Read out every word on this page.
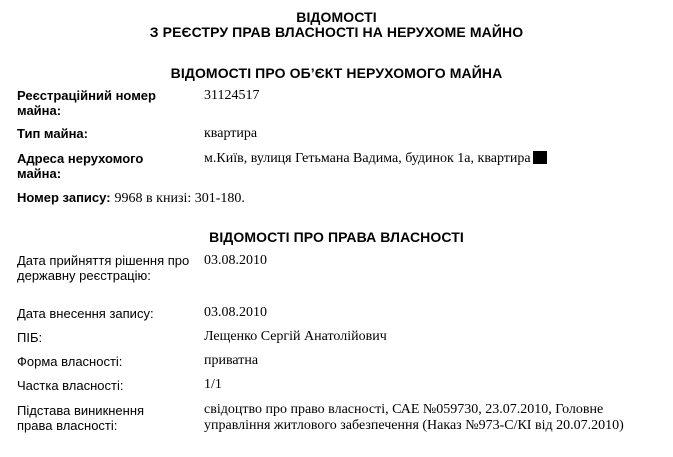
ВІДОМОСТІ
З РЕЄСТРУ ПРАВ ВЛАСНОСТІ НА НЕРУХОМЕ МАЙНО
ВІДОМОСТІ ПРО ОБ’ЄКТ НЕРУХОМОГО МАЙНА
Реєстраційний номер майна:
31124517
Тип майна:	квартира
Адреса нерухомого майна:
м.Київ, вулиця Гетьмана Вадима, будинок 1а, квартира
Номер запису: 9968 в книзі: 301-180.
ВІДОМОСТІ ПРО ПРАВА ВЛАСНОСТІ
Дата прийняття рішення про державну реєстрацію:
03.08.2010
Дата внесення запису:	03.08.2010
ПІБ:	Лещенко Сергій Анатолійович
Форма власності:	приватна
Частка власності:	1/1
Підстава виникнення права власності:
свідоцтво про право власності, САЕ №059730, 23.07.2010, Головне управління житлового забезпечення (Наказ №973-С/КІ від 20.07.2010)
